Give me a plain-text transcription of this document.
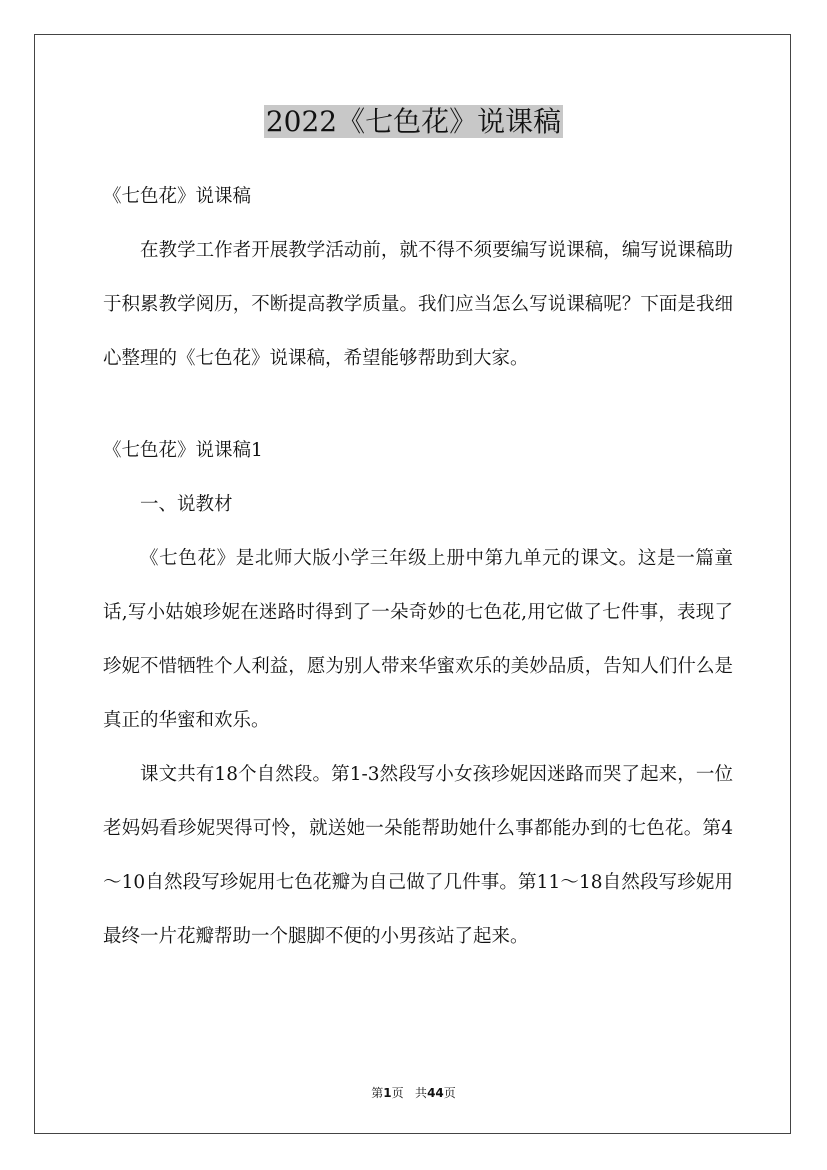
2022《七色花》说课稿

《七色花》说课稿

在教学工作者开展教学活动前，就不得不须要编写说课稿，编写说课稿助于积累教学阅历，不断提高教学质量。我们应当怎么写说课稿呢？下面是我细心整理的《七色花》说课稿，希望能够帮助到大家。

《七色花》说课稿1

一、说教材

《七色花》是北师大版小学三年级上册中第九单元的课文。这是一篇童话,写小姑娘珍妮在迷路时得到了一朵奇妙的七色花,用它做了七件事，表现了珍妮不惜牺牲个人利益，愿为别人带来华蜜欢乐的美妙品质，告知人们什么是真正的华蜜和欢乐。

课文共有18个自然段。第1-3然段写小女孩珍妮因迷路而哭了起来，一位老妈妈看珍妮哭得可怜，就送她一朵能帮助她什么事都能办到的七色花。第4～10自然段写珍妮用七色花瓣为自己做了几件事。第11～18自然段写珍妮用最终一片花瓣帮助一个腿脚不便的小男孩站了起来。

第1页 共44页
